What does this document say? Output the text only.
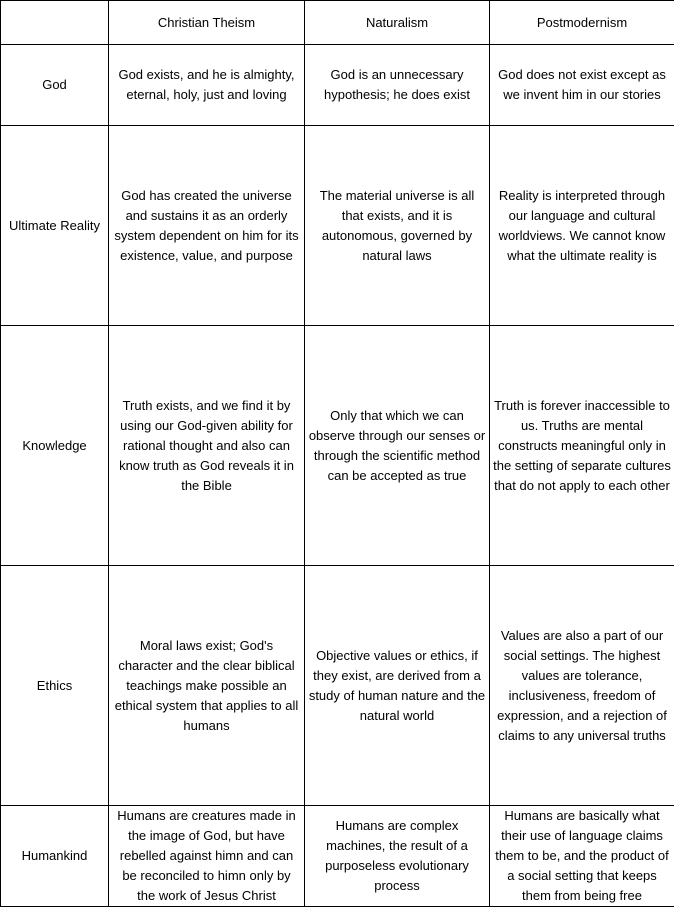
	Christian Theism	Naturalism	Postmodernism
God	God exists, and he is almighty, eternal, holy, just and loving	God is an unnecessary hypothesis; he does exist	God does not exist except as we invent him in our stories
Ultimate Reality	God has created the universe and sustains it as an orderly system dependent on him for its existence, value, and purpose	The material universe is all that exists, and it is autonomous, governed by natural laws	Reality is interpreted through our language and cultural worldviews. We cannot know what the ultimate reality is
Knowledge	Truth exists, and we find it by using our God-given ability for rational thought and also can know truth as God reveals it in the Bible	Only that which we can observe through our senses or through the scientific method can be accepted as true	Truth is forever inaccessible to us. Truths are mental constructs meaningful only in the setting of separate cultures that do not apply to each other
Ethics	Moral laws exist; God's character and the clear biblical teachings make possible an ethical system that applies to all humans	Objective values or ethics, if they exist, are derived from a study of human nature and the natural world	Values are also a part of our social settings. The highest values are tolerance, inclusiveness, freedom of expression, and a rejection of claims to any universal truths
Humankind	Humans are creatures made in the image of God, but have rebelled against himn and can be reconciled to himn only by the work of Jesus Christ	Humans are complex machines, the result of a purposeless evolutionary process	Humans are basically what their use of language claims them to be, and the product of a social setting that keeps them from being free
